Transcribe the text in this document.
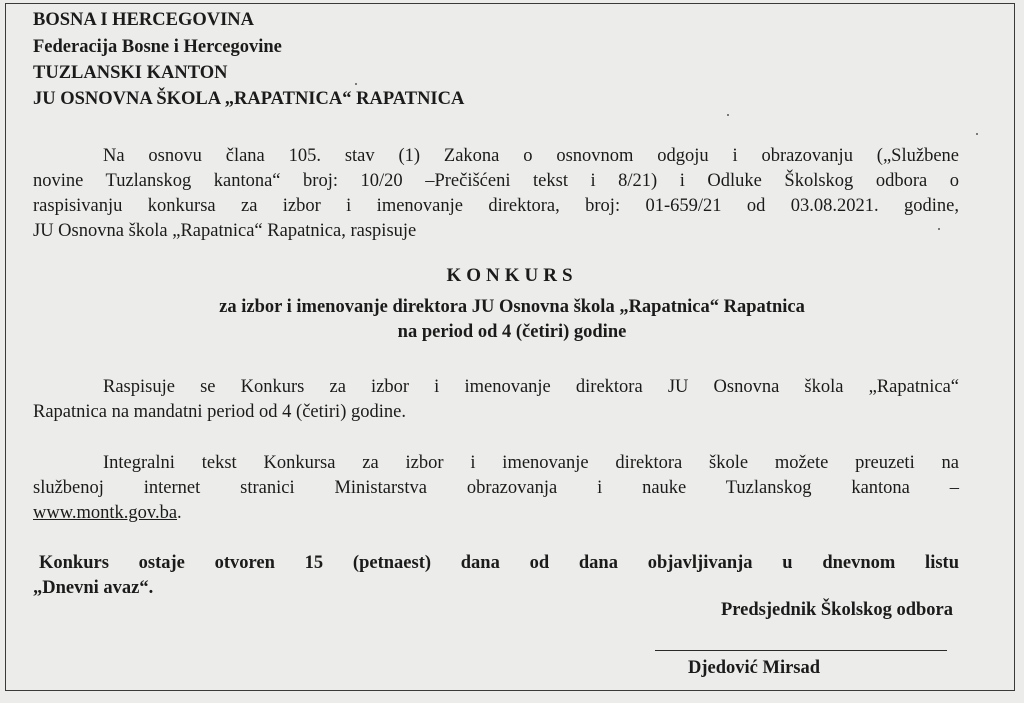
BOSNA I HERCEGOVINA
Federacija Bosne i Hercegovine
TUZLANSKI KANTON
JU OSNOVNA ŠKOLA „RAPATNICA“ RAPATNICA
Na osnovu člana 105. stav (1) Zakona o osnovnom odgoju i obrazovanju („Službene
novine Tuzlanskog kantona“ broj: 10/20 –Prečišćeni tekst i 8/21) i Odluke Školskog odbora o
raspisivanju konkursa za izbor i imenovanje direktora, broj: 01-659/21 od 03.08.2021. godine,
JU Osnovna škola „Rapatnica“ Rapatnica, raspisuje
KONKURS
za izbor i imenovanje direktora JU Osnovna škola „Rapatnica“ Rapatnica
na period od 4 (četiri) godine
Raspisuje se Konkurs za izbor i imenovanje direktora JU Osnovna škola „Rapatnica“
Rapatnica na mandatni period od 4 (četiri) godine.
Integralni tekst Konkursa za izbor i imenovanje direktora škole možete preuzeti na
službenoj internet stranici Ministarstva obrazovanja i nauke Tuzlanskog kantona –
www.montk.gov.ba.
Konkurs ostaje otvoren 15 (petnaest) dana od dana objavljivanja u dnevnom listu
„Dnevni avaz“.
Predsjednik Školskog odbora
Djedović Mirsad
